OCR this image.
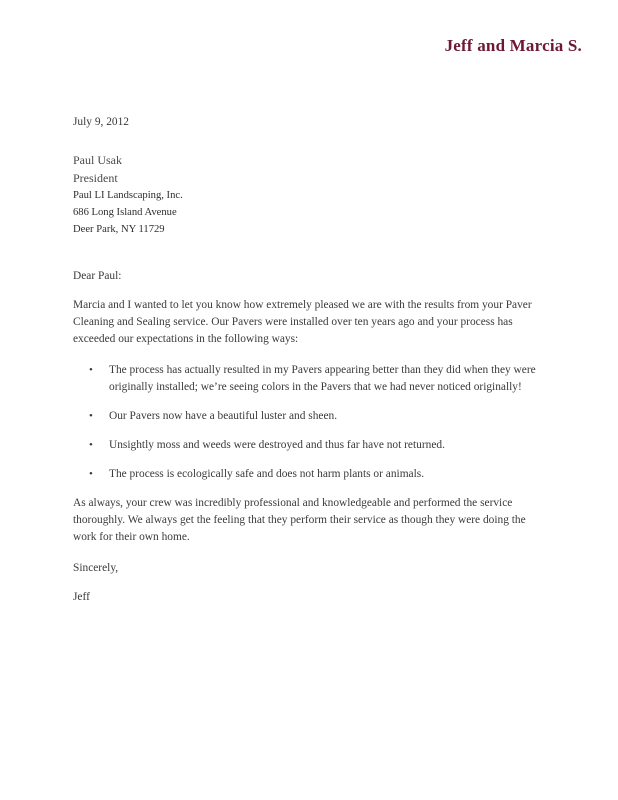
Jeff and Marcia S.
July 9, 2012
Paul Usak
President
Paul LI Landscaping, Inc.
686 Long Island Avenue
Deer Park, NY 11729
Dear Paul:

Marcia and I wanted to let you know how extremely pleased we are with the results from your Paver Cleaning and Sealing service. Our Pavers were installed over ten years ago and your process has exceeded our expectations in the following ways:

• The process has actually resulted in my Pavers appearing better than they did when they were originally installed; we’re seeing colors in the Pavers that we had never noticed originally!
• Our Pavers now have a beautiful luster and sheen.
• Unsightly moss and weeds were destroyed and thus far have not returned.
• The process is ecologically safe and does not harm plants or animals.

As always, your crew was incredibly professional and knowledgeable and performed the service thoroughly. We always get the feeling that they perform their service as though they were doing the work for their own home.

Sincerely,
Jeff
